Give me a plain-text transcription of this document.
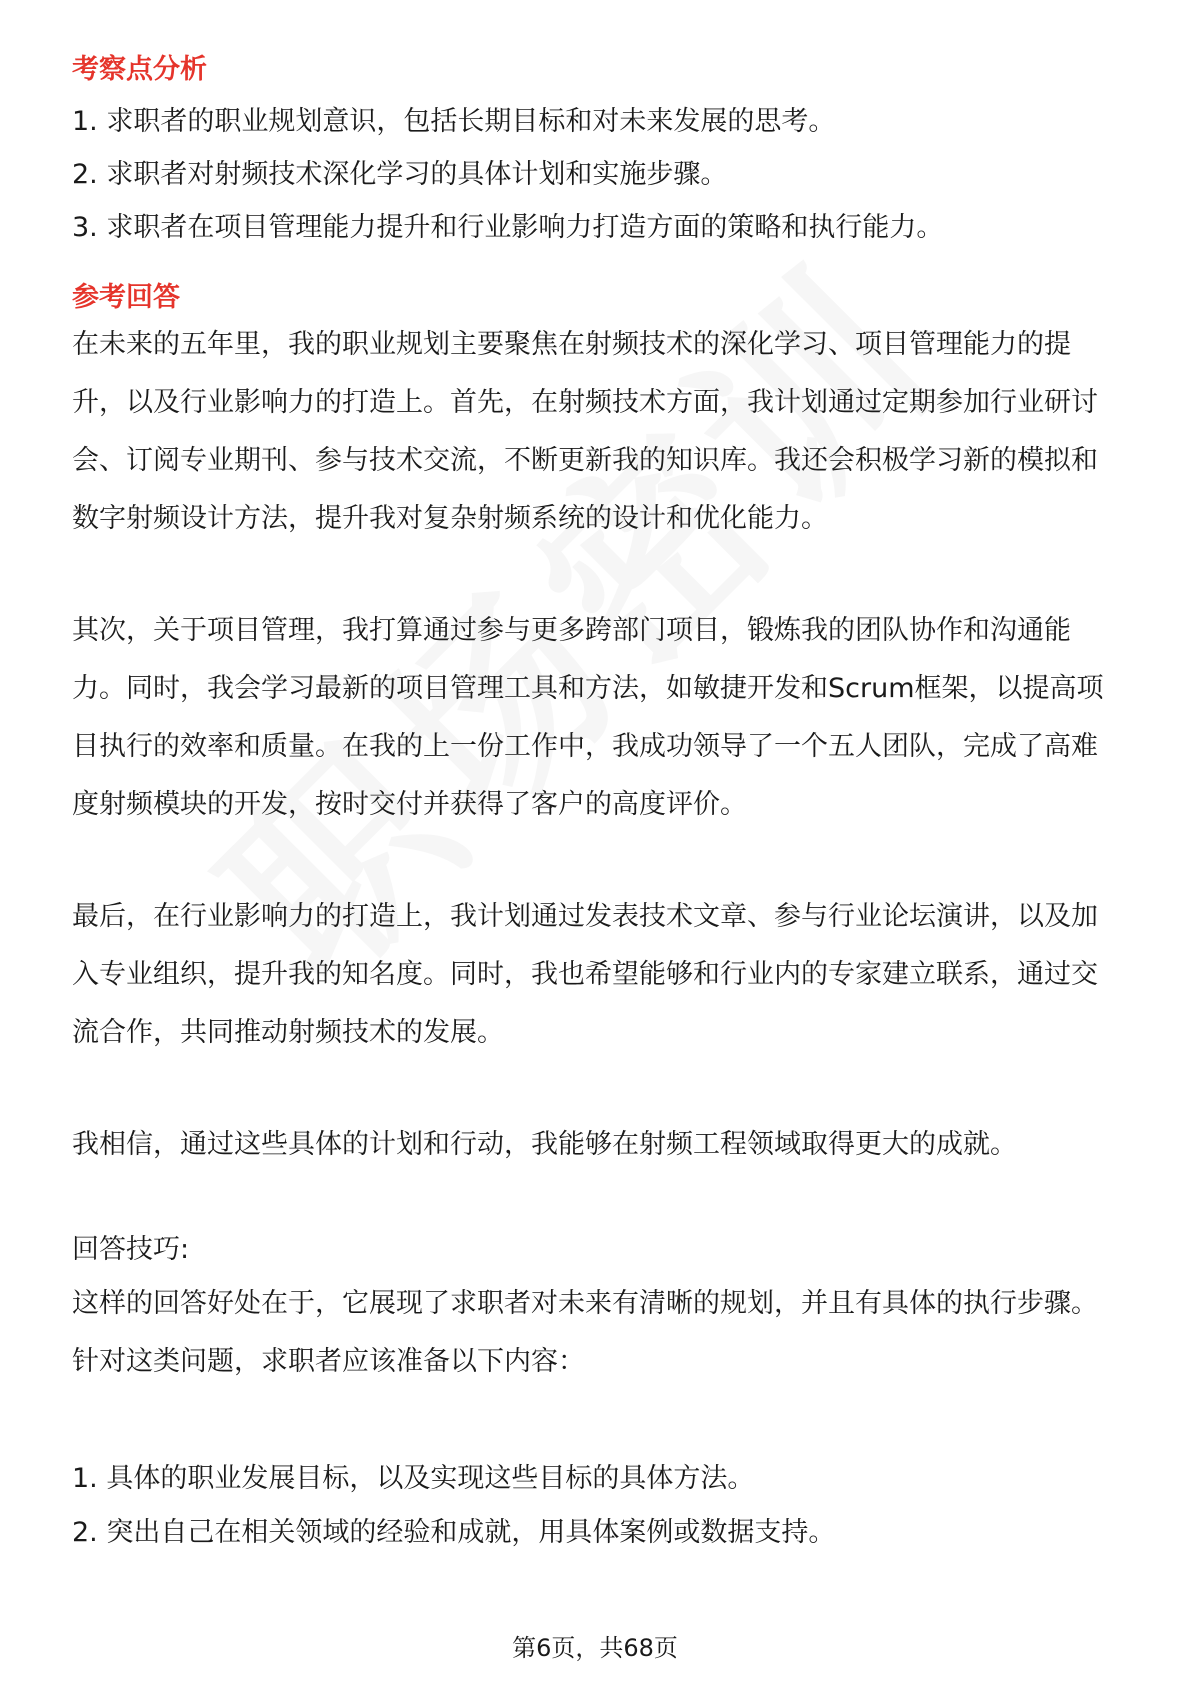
考察点分析

1. 求职者的职业规划意识，包括长期目标和对未来发展的思考。

2. 求职者对射频技术深化学习的具体计划和实施步骤。

3. 求职者在项目管理能力提升和行业影响力打造方面的策略和执行能力。

参考回答

在未来的五年里，我的职业规划主要聚焦在射频技术的深化学习、项目管理能力的提升，以及行业影响力的打造上。首先，在射频技术方面，我计划通过定期参加行业研讨会、订阅专业期刊、参与技术交流，不断更新我的知识库。我还会积极学习新的模拟和数字射频设计方法，提升我对复杂射频系统的设计和优化能力。

其次，关于项目管理，我打算通过参与更多跨部门项目，锻炼我的团队协作和沟通能力。同时，我会学习最新的项目管理工具和方法，如敏捷开发和Scrum框架，以提高项目执行的效率和质量。在我的上一份工作中，我成功领导了一个五人团队，完成了高难度射频模块的开发，按时交付并获得了客户的高度评价。

最后，在行业影响力的打造上，我计划通过发表技术文章、参与行业论坛演讲，以及加入专业组织，提升我的知名度。同时，我也希望能够和行业内的专家建立联系，通过交流合作，共同推动射频技术的发展。

我相信，通过这些具体的计划和行动，我能够在射频工程领域取得更大的成就。

回答技巧:

这样的回答好处在于，它展现了求职者对未来有清晰的规划，并且有具体的执行步骤。针对这类问题，求职者应该准备以下内容：

1. 具体的职业发展目标，以及实现这些目标的具体方法。

2. 突出自己在相关领域的经验和成就，用具体案例或数据支持。

第6页，共68页
